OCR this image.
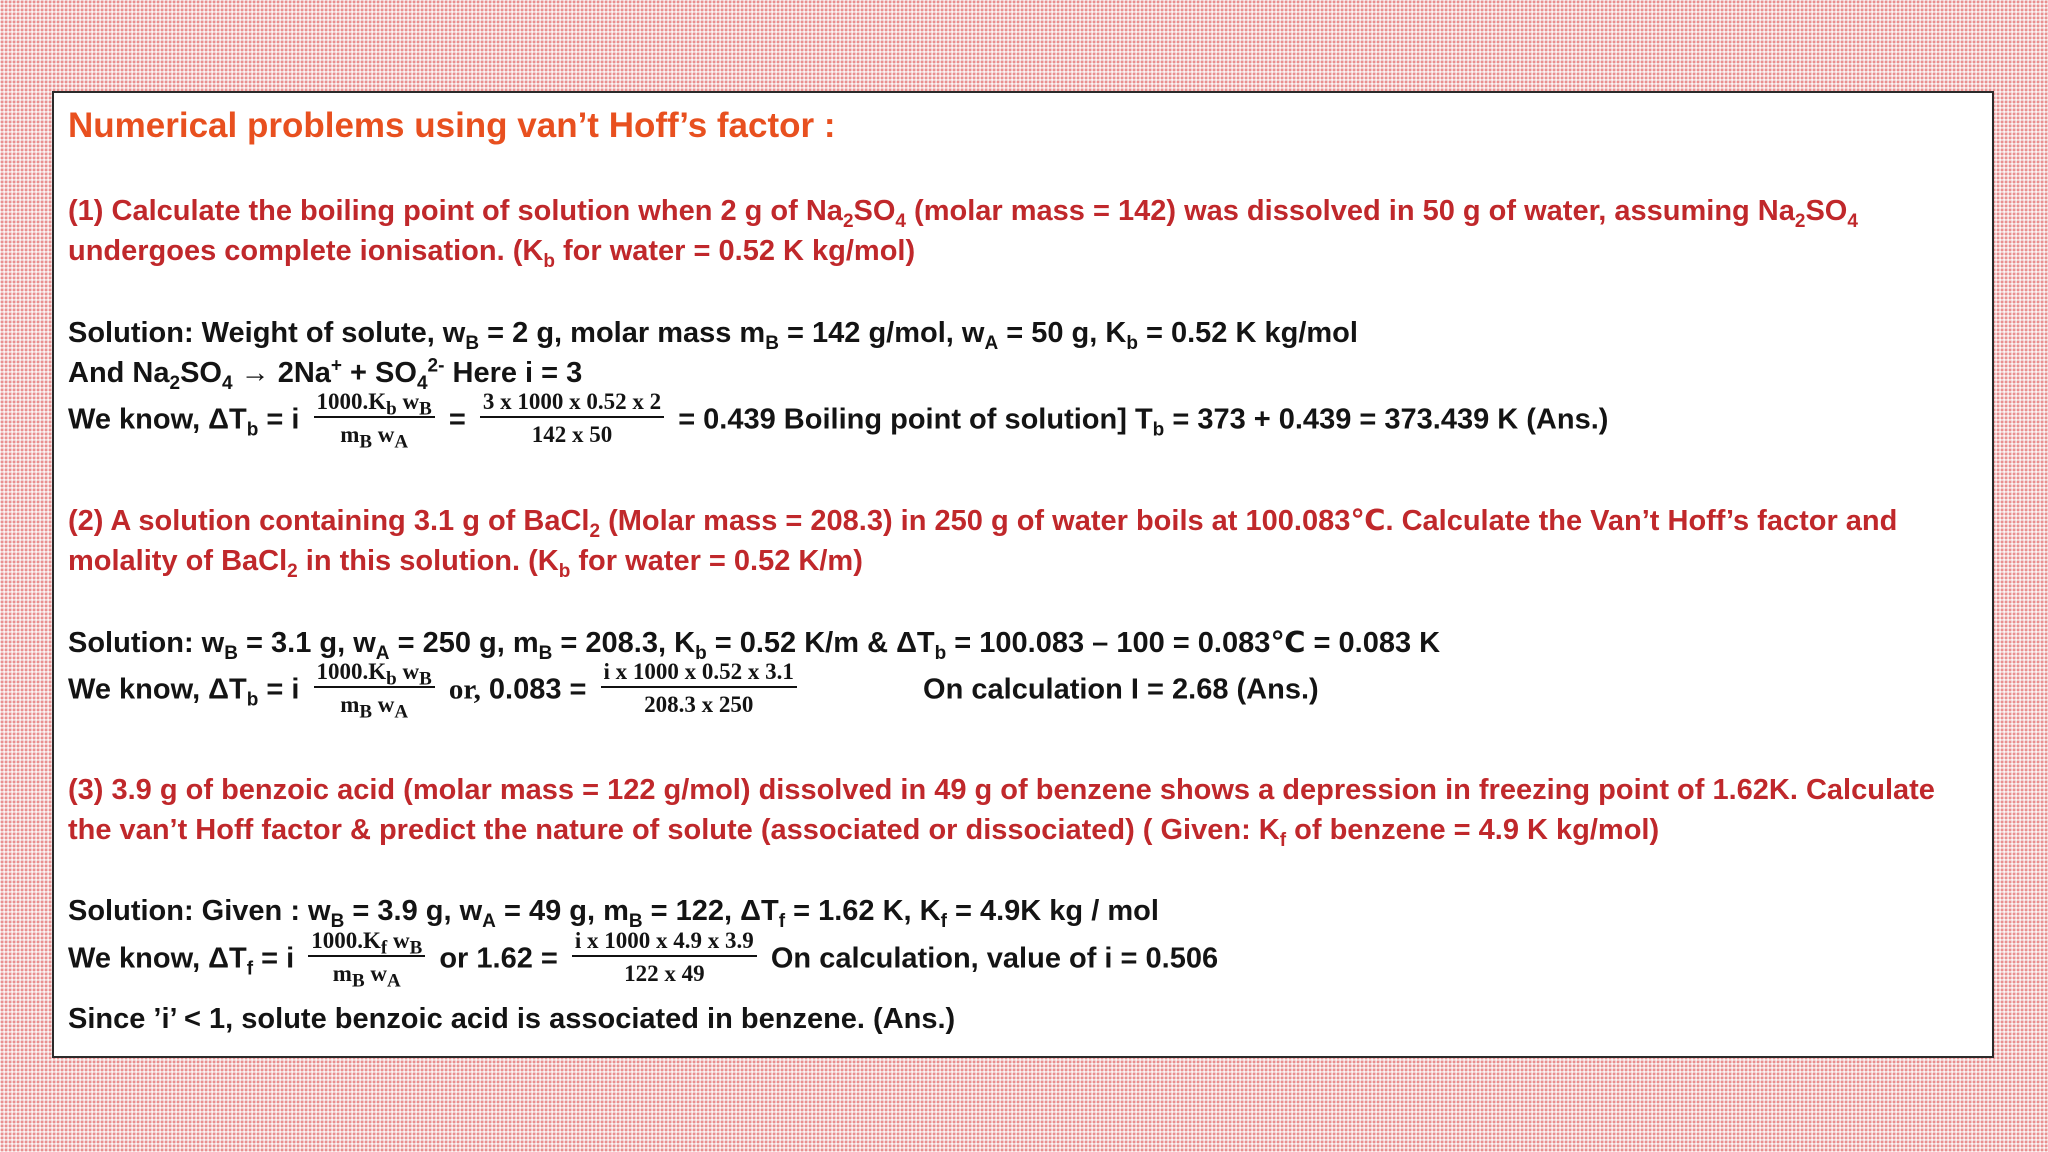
Numerical problems using van’t Hoff’s factor :
(1) Calculate the boiling point of solution when 2 g of $Na_2SO_4$ (molar mass = 142) was dissolved in 50 g of water, assuming $Na_2SO_4$
undergoes complete ionisation. ($K_b$ for water = 0.52 K kg/mol)
Solution: Weight of solute, $w_B = 2$ g, molar mass $m_B = 142$ g/mol, $w_A = 50$ g, $K_b = 0.52$ K kg/mol
And $Na_2SO_4 \to 2Na^+ + SO_4^{2-}$ Here i = 3
We know, $\Delta T_b = i \frac{1000.K_b w_B}{m_B w_A} = \frac{3 x 1000 x 0.52 x 2}{142 x 50} = 0.439$ Boiling point of solution] $T_b = 373 + 0.439 = 373.439$ K (Ans.)
(2) A solution containing 3.1 g of BaCl$_2$ (Molar mass = 208.3) in 250 g of water boils at 100.083℃. Calculate the Van’t Hoff’s factor and
molality of BaCl$_2$ in this solution. ($K_b$ for water = 0.52 K/m)
Solution: $w_B = 3.1$ g, $w_A = 250$ g, $m_B = 208.3$, $K_b = 0.52$ K/m & $\Delta T_b = 100.083 - 100$ = 0.083℃ = 0.083 K
We know, $\Delta T_b = i \frac{1000.K_b w_B}{m_B w_A}$ or, $0.083 = \frac{\text{i x 1000 x 0.52 x 3.1}}{208.3 x 250}$	On calculation I = 2.68 (Ans.)
(3) 3.9 g of benzoic acid (molar mass = 122 g/mol) dissolved in 49 g of benzene shows a depression in freezing point of 1.62K. Calculate
the van’t Hoff factor & predict the nature of solute (associated or dissociated) ( Given: $K_f$ of benzene = 4.9 K kg/mol)
Solution: Given : $w_B = 3.9$ g, $w_A = 49$ g, $m_B = 122$, $\Delta T_f = 1.62$ K, $K_f = 4.9K$ kg / mol
We know, $\Delta T_f = i \frac{1000.K_f w_B}{m_B w_A}$ or $1.62 = \frac{\text{i x 1000 x 4.9 x 3.9}}{122 x 49}$ On calculation, value of i = 0.506
Since ’i’ < 1, solute benzoic acid is associated in benzene. (Ans.)
